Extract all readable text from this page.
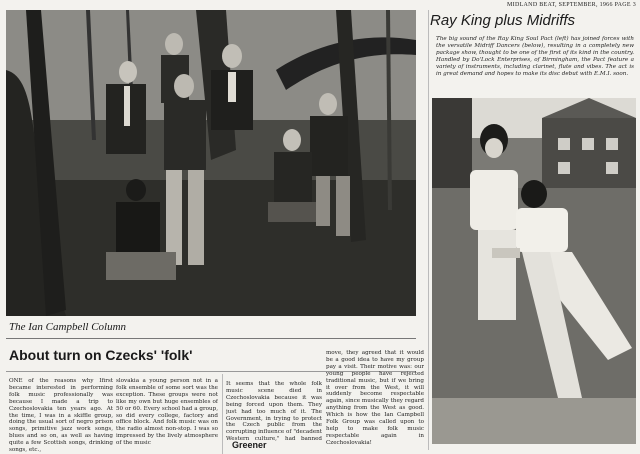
MIDLAND BEAT, SEPTEMBER, 1966 PAGE 3
Ray King plus Midriffs
The big sound of the Ray King Soul Pact (left) has joined forces with the versatile Midriff Dancers (below), resulting in a completely new package show, thought to be one of the first of its kind in the country. Handled by Do'Lock Enterprises, of Birmingham, the Pact feature a variety of instruments, including clarinet, flute and vibes. The act is in great demand and hopes to make its disc debut with E.M.I. soon.
The Ian Campbell Column
About turn on Czecks' 'folk'
ONE of the reasons why Ifirst became interested in performing folk music professionally was because I made a trip to Czechoslovakia ten years ago. At the time, I was in a skiffle group, doing the usual sort of negro prison songs, primitive jazz work songs, blues and so on, as well as having quite a few Scottish songs, drinking songs, etc.,
slovakia a young person not in a folk ensemble of some sort was the exception. These groups were not like my own but huge ensembles of 50 or 60. Every school had a group, so did every college, factory and office block. And folk music was on the radio almost non-stop. I was so impressed by the lively atmosphere of the music
It seems that the whole folk music scene died in Czechoslovakia because it was being forced upon them. They just had too much of it. The Government, in trying to protect the Czech public from the corrupting influence of "decadent Western culture," had banned
Greener
move, they agreed that it would be a good idea to have my group pay a visit. Their motive was: our young people have rejected traditional music, but if we bring it over from the West, it will suddenly become respectable again, since musically they regard anything from the West as good. Which is how the Ian Campbell Folk Group was called upon to help to make folk music respectable again in Czechoslovakia!
